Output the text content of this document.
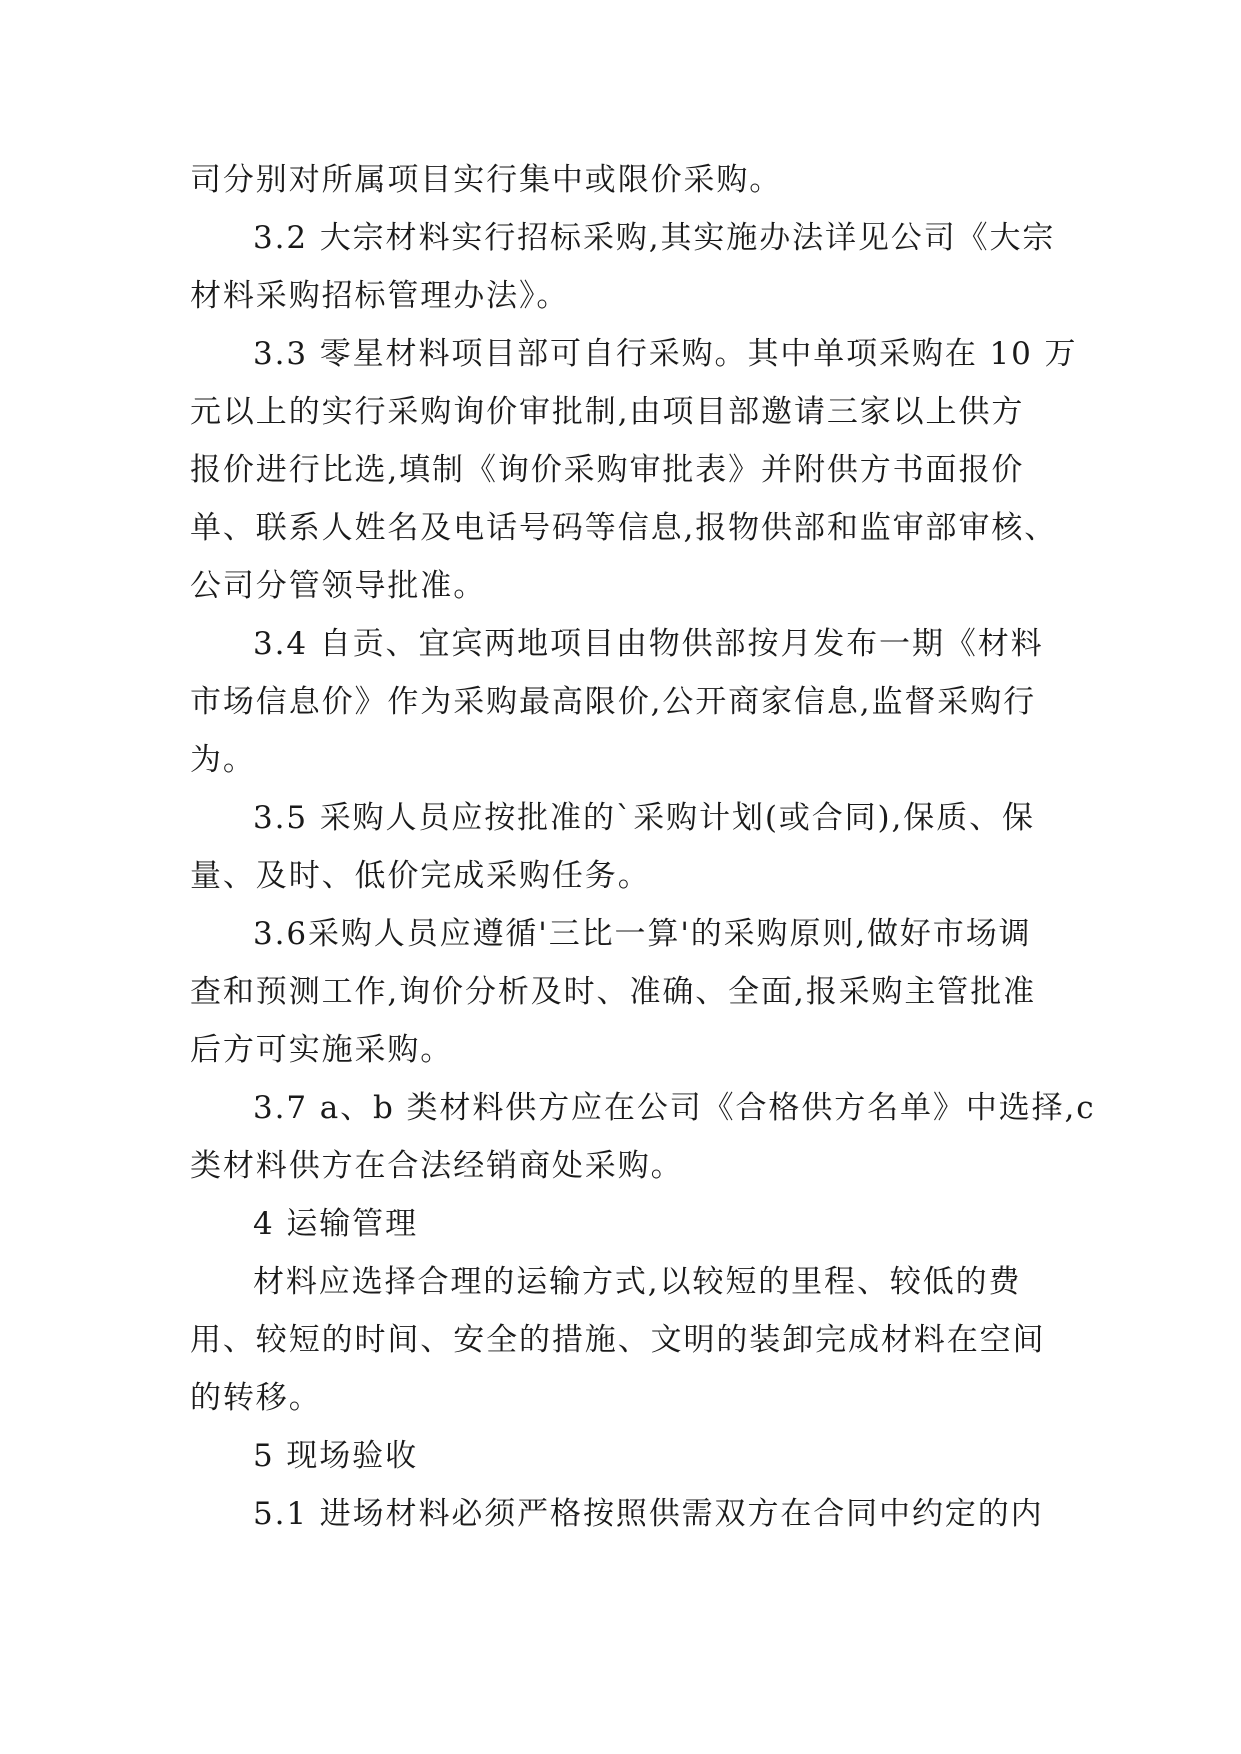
司分别对所属项目实行集中或限价采购。
3.2 大宗材料实行招标采购,其实施办法详见公司《大宗
材料采购招标管理办法》。
3.3 零星材料项目部可自行采购。其中单项采购在 10 万
元以上的实行采购询价审批制,由项目部邀请三家以上供方
报价进行比选,填制《询价采购审批表》并附供方书面报价
单、联系人姓名及电话号码等信息,报物供部和监审部审核、
公司分管领导批准。
3.4 自贡、宜宾两地项目由物供部按月发布一期《材料
市场信息价》作为采购最高限价,公开商家信息,监督采购行
为。
3.5 采购人员应按批准的`采购计划(或合同),保质、保
量、及时、低价完成采购任务。
3.6采购人员应遵循'三比一算'的采购原则,做好市场调
查和预测工作,询价分析及时、准确、全面,报采购主管批准
后方可实施采购。
3.7 a、b 类材料供方应在公司《合格供方名单》中选择,c
类材料供方在合法经销商处采购。
4 运输管理
材料应选择合理的运输方式,以较短的里程、较低的费
用、较短的时间、安全的措施、文明的装卸完成材料在空间
的转移。
5 现场验收
5.1 进场材料必须严格按照供需双方在合同中约定的内
